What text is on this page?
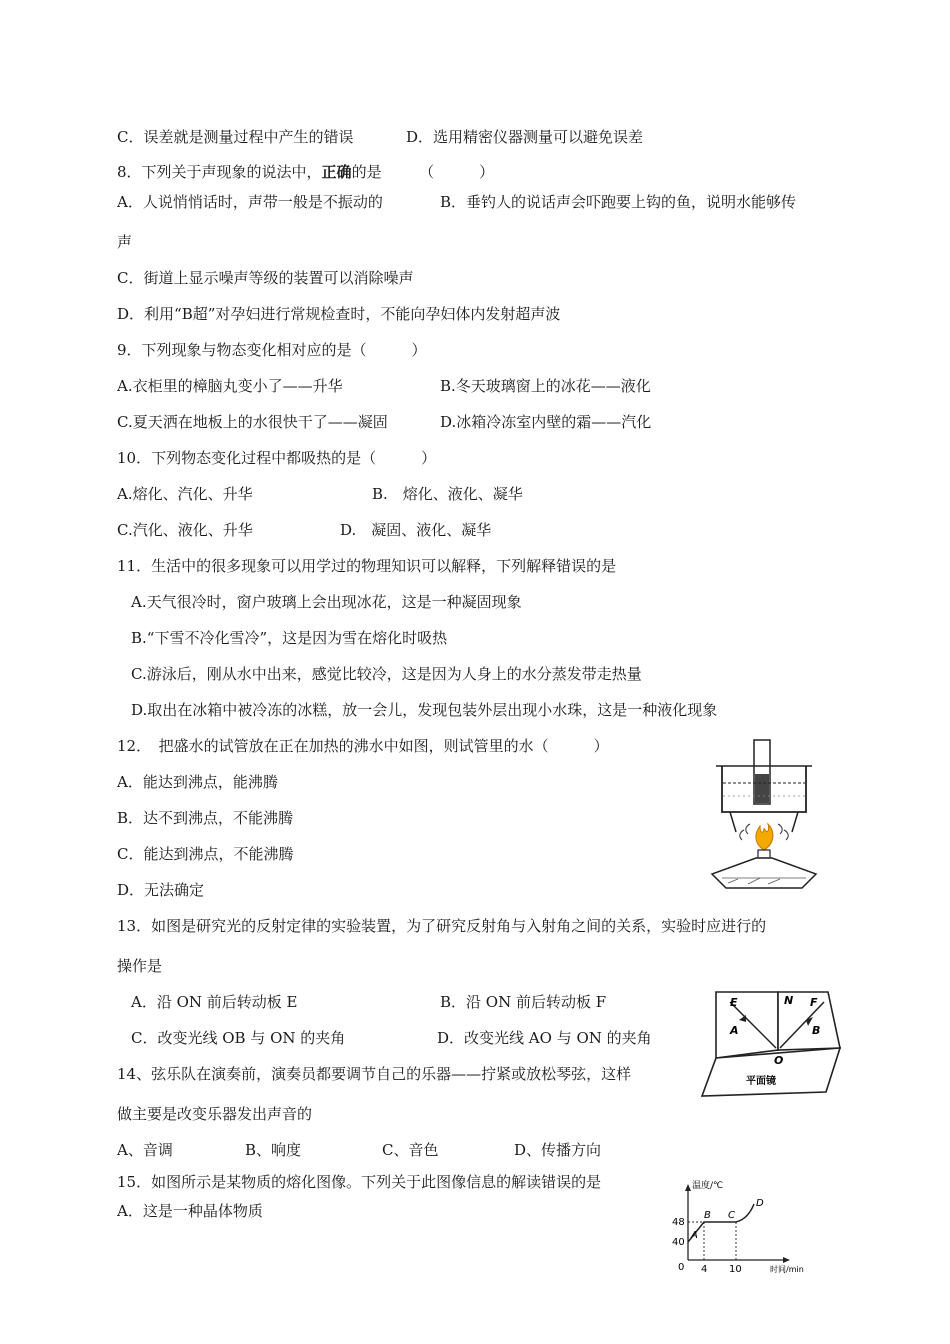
C．误差就是测量过程中产生的错误	D．选用精密仪器测量可以避免误差
8．下列关于声现象的说法中，正确的是　　　（　　　）
A．人说悄悄话时，声带一般是不振动的	B．垂钓人的说话声会吓跑要上钩的鱼，说明水能够传
声
C．街道上显示噪声等级的装置可以消除噪声
D．利用“B超”对孕妇进行常规检查时，不能向孕妇体内发射超声波
9．下列现象与物态变化相对应的是（　　　）
A.衣柜里的樟脑丸变小了——升华	B.冬天玻璃窗上的冰花——液化
C.夏天洒在地板上的水很快干了——凝固	D.冰箱冷冻室内壁的霜——汽化
10．下列物态变化过程中都吸热的是（　　　）
A.熔化、汽化、升华	B.　熔化、液化、凝华
C.汽化、液化、升华	D.　凝固、液化、凝华
11．生活中的很多现象可以用学过的物理知识可以解释，下列解释错误的是
A.天气很冷时，窗户玻璃上会出现冰花，这是一种凝固现象
B.“下雪不冷化雪冷”，这是因为雪在熔化时吸热
C.游泳后，刚从水中出来，感觉比较冷，这是因为人身上的水分蒸发带走热量
D.取出在冰箱中被冷冻的冰糕，放一会儿，发现包装外层出现小水珠，这是一种液化现象
12．　把盛水的试管放在正在加热的沸水中如图，则试管里的水（　　　）
A．能达到沸点，能沸腾
B．达不到沸点，不能沸腾
C．能达到沸点，不能沸腾
D．无法确定
13．如图是研究光的反射定律的实验装置，为了研究反射角与入射角之间的关系，实验时应进行的
操作是
A．沿 ON 前后转动板 E	B．沿 ON 前后转动板 F
C．改变光线 OB 与 ON 的夹角	D．改变光线 AO 与 ON 的夹角
E	N F
A	B
O
平面镜
14、弦乐队在演奏前，演奏员都要调节自己的乐器——拧紧或放松琴弦，这样
做主要是改变乐器发出声音的
A、音调	B、响度	C、音色	D、传播方向
15．如图所示是某物质的熔化图像。下列关于此图像信息的解读错误的是
A．这是一种晶体物质
温度/℃
时间/min
48
40
0 4 10
A
B C
D
